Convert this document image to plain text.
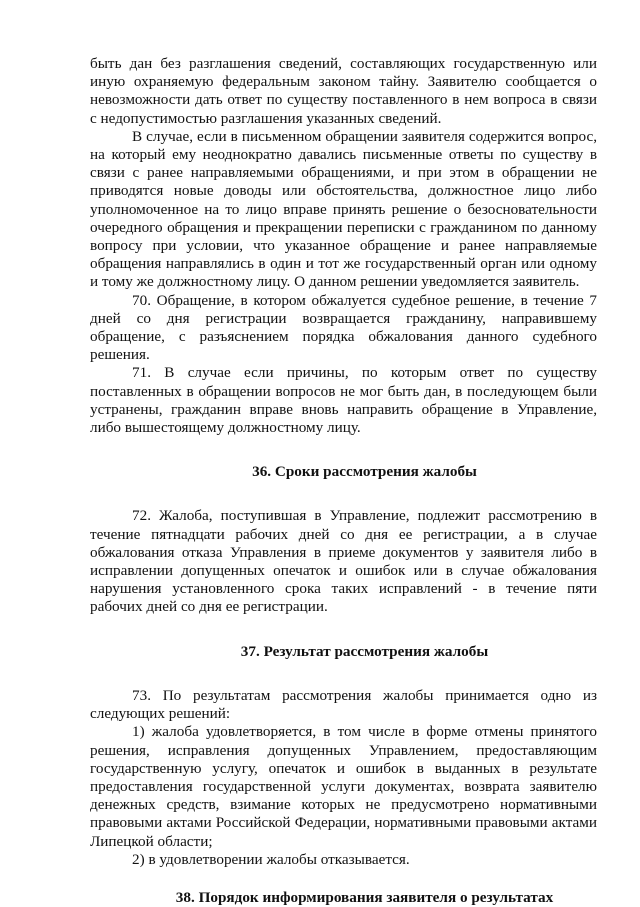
быть дан без разглашения сведений, составляющих государственную или иную охраняемую федеральным законом тайну. Заявителю сообщается о невозможности дать ответ по существу поставленного в нем вопроса в связи с недопустимостью разглашения указанных сведений.

В случае, если в письменном обращении заявителя содержится вопрос, на который ему неоднократно давались письменные ответы по существу в связи с ранее направляемыми обращениями, и при этом в обращении не приводятся новые доводы или обстоятельства, должностное лицо либо уполномоченное на то лицо вправе принять решение о безосновательности очередного обращения и прекращении переписки с гражданином по данному вопросу при условии, что указанное обращение и ранее направляемые обращения направлялись в один и тот же государственный орган или одному и тому же должностному лицу. О данном решении уведомляется заявитель.

70. Обращение, в котором обжалуется судебное решение, в течение 7 дней со дня регистрации возвращается гражданину, направившему обращение, с разъяснением порядка обжалования данного судебного решения.

71. В случае если причины, по которым ответ по существу поставленных в обращении вопросов не мог быть дан, в последующем были устранены, гражданин вправе вновь направить обращение в Управление, либо вышестоящему должностному лицу.

36. Сроки рассмотрения жалобы

72. Жалоба, поступившая в Управление, подлежит рассмотрению в течение пятнадцати рабочих дней со дня ее регистрации, а в случае обжалования отказа Управления в приеме документов у заявителя либо в исправлении допущенных опечаток и ошибок или в случае обжалования нарушения установленного срока таких исправлений - в течение пяти рабочих дней со дня ее регистрации.

37. Результат рассмотрения жалобы

73. По результатам рассмотрения жалобы принимается одно из следующих решений:

1) жалоба удовлетворяется, в том числе в форме отмены принятого решения, исправления допущенных Управлением, предоставляющим государственную услугу, опечаток и ошибок в выданных в результате предоставления государственной услуги документах, возврата заявителю денежных средств, взимание которых не предусмотрено нормативными правовыми актами Российской Федерации, нормативными правовыми актами Липецкой области;

2) в удовлетворении жалобы отказывается.

38. Порядок информирования заявителя о результатах
